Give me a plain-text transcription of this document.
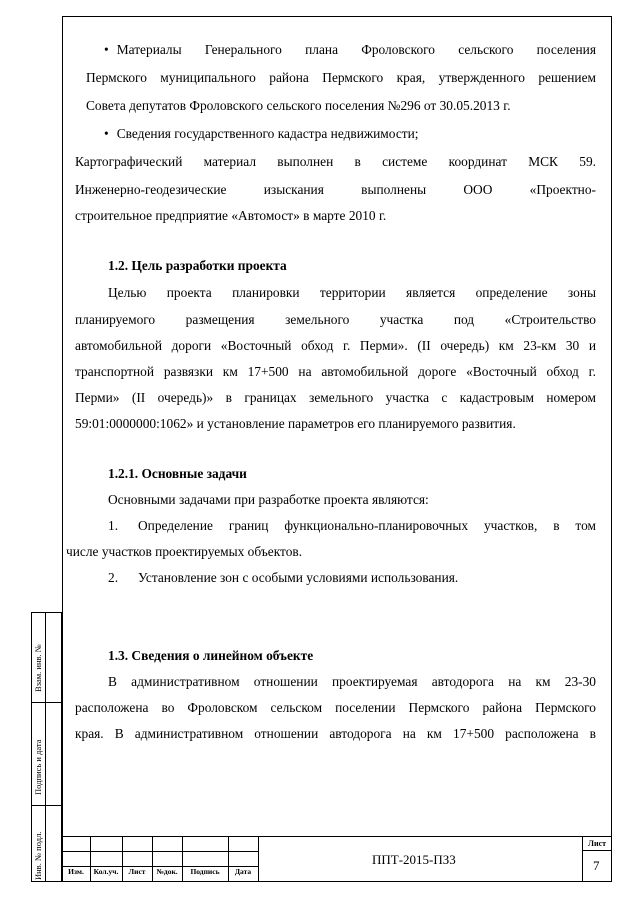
• Материалы Генерального плана Фроловского сельского поселения
Пермского муниципального района Пермского края, утвержденного решением
Совета депутатов Фроловского сельского поселения №296 от 30.05.2013 г.
• Сведения государственного кадастра недвижимости;
Картографический материал выполнен в системе координат МСК 59.
Инженерно-геодезические изыскания выполнены ООО «Проектно-
строительное предприятие «Автомост» в марте 2010 г.
1.2. Цель разработки проекта
Целью проекта планировки территории является определение зоны
планируемого размещения земельного участка под «Строительство
автомобильной дороги «Восточный обход г. Перми». (II очередь) км 23-км 30 и
транспортной развязки км 17+500 на автомобильной дороге «Восточный обход г.
Перми» (II очередь)» в границах земельного участка с кадастровым номером
59:01:0000000:1062» и установление параметров его планируемого развития.
1.2.1. Основные задачи
Основными задачами при разработке проекта являются:
1. Определение границ функционально-планировочных участков, в том
числе участков проектируемых объектов.
2. Установление зон с особыми условиями использования.
1.3. Сведения о линейном объекте
В административном отношении проектируемая автодорога на км 23-30
расположена во Фроловском сельском поселении Пермского района Пермского
края. В административном отношении автодорога на км 17+500 расположена в
Взам. инв. №
Подпись и дата
Инв. № подл.	Изм.	Кол.уч.	Лист	№док.	Подпись	Дата
ППТ-2015-ПЗ3
Лист
7
